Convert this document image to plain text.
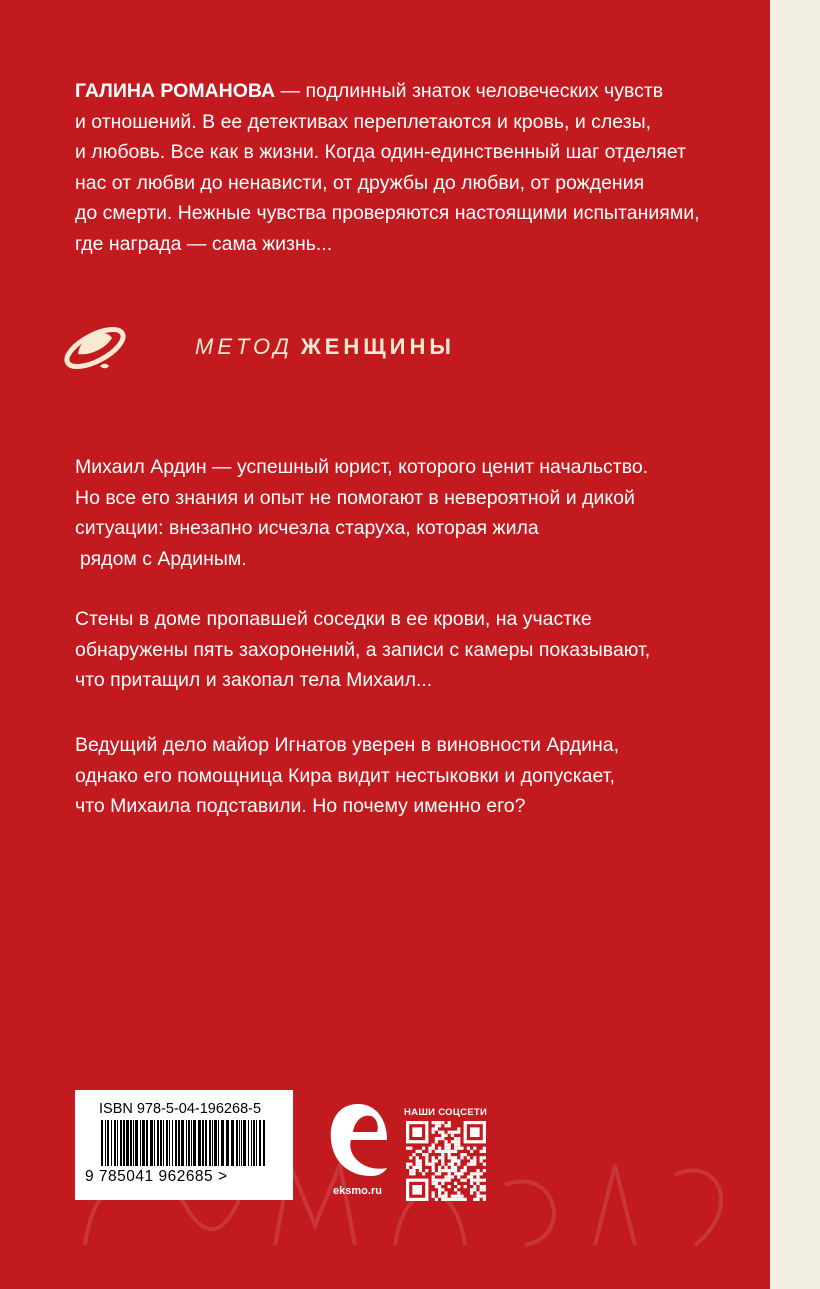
ГАЛИНА РОМАНОВА — подлинный знаток человеческих чувств

и отношений. В ее детективах переплетаются и кровь, и слезы,

и любовь. Все как в жизни. Когда один-единственный шаг отделяет

нас от любви до ненависти, от дружбы до любви, от рождения

до смерти. Нежные чувства проверяются настоящими испытаниями,

где награда — сама жизнь...

МЕТОД ЖЕНЩИНЫ

Михаил Ардин — успешный юрист, которого ценит начальство.

Но все его знания и опыт не помогают в невероятной и дикой

ситуации: внезапно исчезла старуха, которая жила

рядом с Ардиным.

Стены в доме пропавшей соседки в ее крови, на участке

обнаружены пять захоронений, а записи с камеры показывают,

что притащил и закопал тела Михаил...

Ведущий дело майор Игнатов уверен в виновности Ардина,

однако его помощница Кира видит нестыковки и допускает,

что Михаила подставили. Но почему именно его?

ISBN 978-5-04-196268-5
9 785041 962685 >
eksmo.ru
НАШИ СОЦСЕТИ
